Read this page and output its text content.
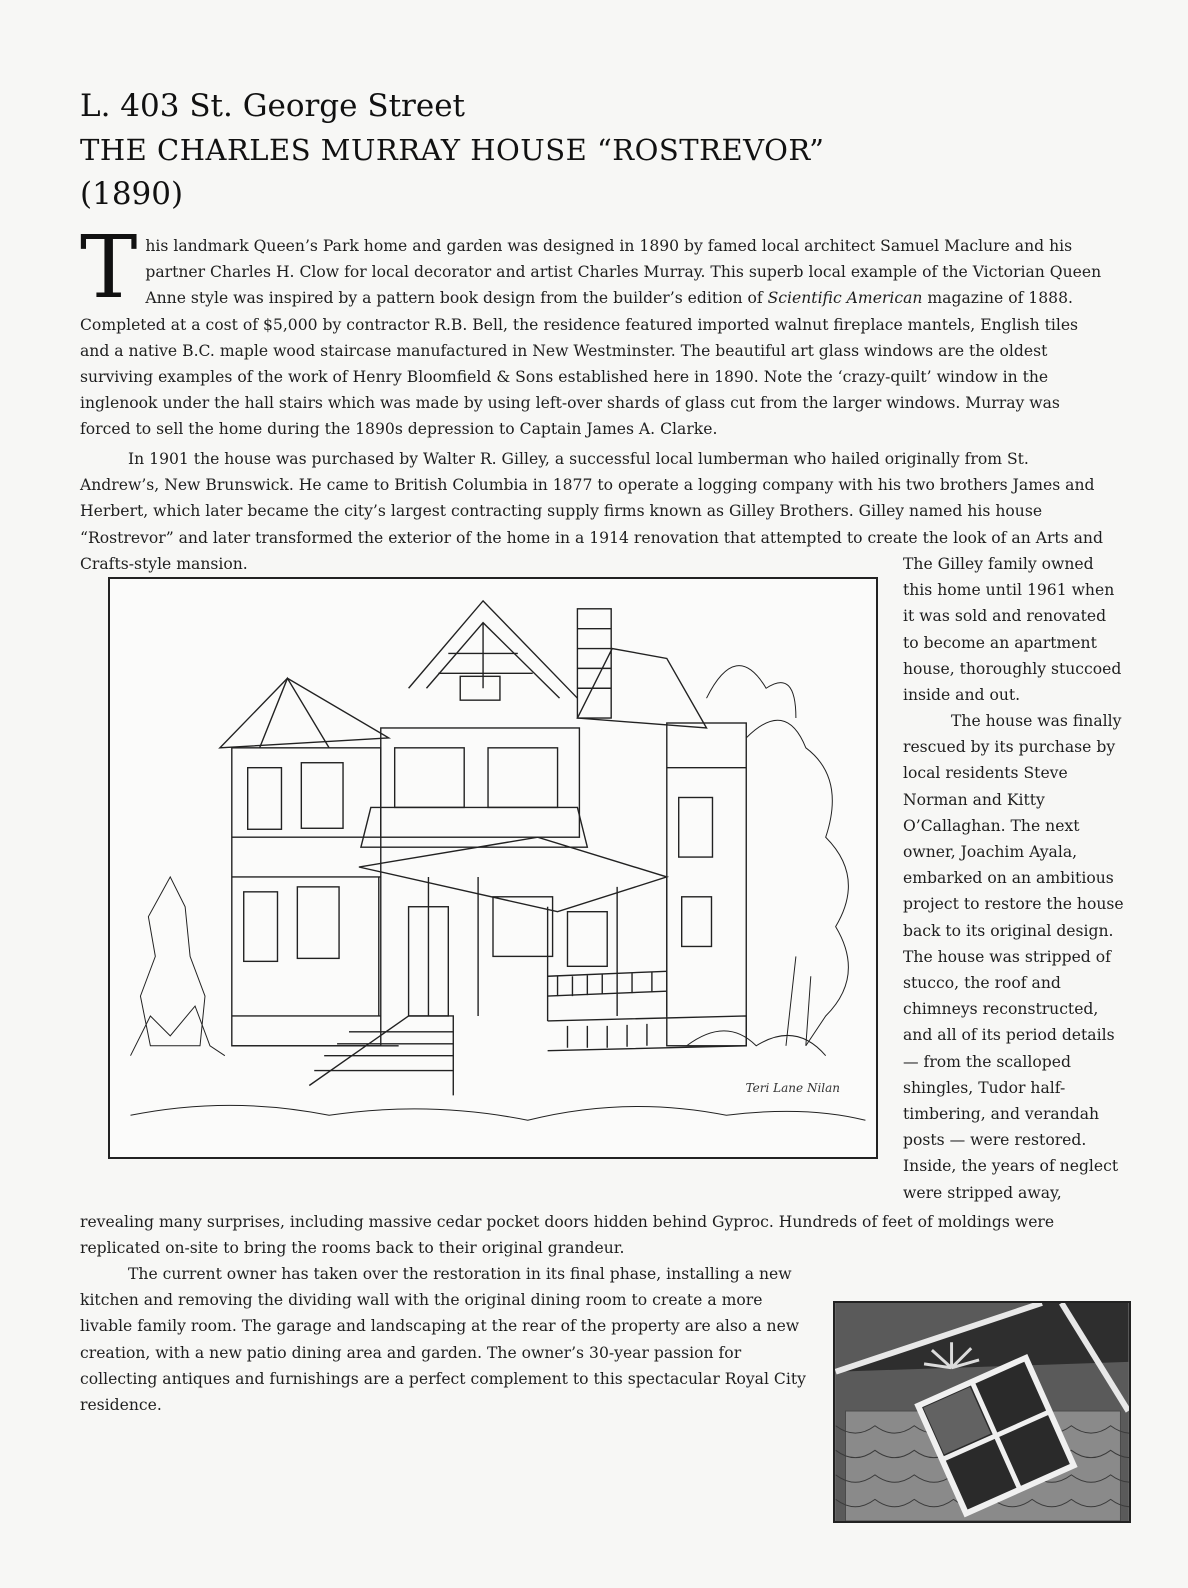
L. 403 St. George Street
THE CHARLES MURRAY HOUSE “ROSTREVOR”
(1890)

This landmark Queen’s Park home and garden was designed in 1890 by famed local architect Samuel Maclure and his partner Charles H. Clow for local decorator and artist Charles Murray. This superb local example of the Victorian Queen Anne style was inspired by a pattern book design from the builder’s edition of Scientific American magazine of 1888. Completed at a cost of $5,000 by contractor R.B. Bell, the residence featured imported walnut fireplace mantels, English tiles and a native B.C. maple wood staircase manufactured in New Westminster. The beautiful art glass windows are the oldest surviving examples of the work of Henry Bloomfield & Sons established here in 1890. Note the ‘crazy-quilt’ window in the inglenook under the hall stairs which was made by using left-over shards of glass cut from the larger windows. Murray was forced to sell the home during the 1890s depression to Captain James A. Clarke.

In 1901 the house was purchased by Walter R. Gilley, a successful local lumberman who hailed originally from St. Andrew’s, New Brunswick. He came to British Columbia in 1877 to operate a logging company with his two brothers James and Herbert, which later became the city’s largest contracting supply firms known as Gilley Brothers. Gilley named his house “Rostrevor” and later transformed the exterior of the home in a 1914 renovation that attempted to create the look of an Arts and Crafts-style mansion.	The Gilley family owned this home until 1961 when it was sold and renovated to become an apartment house, thoroughly stuccoed inside and out.

The house was finally rescued by its purchase by local residents Steve Norman and Kitty O’Callaghan. The next owner, Joachim Ayala, embarked on an ambitious project to restore the house back to its original design. The house was stripped of stucco, the roof and chimneys reconstructed, and all of its period details — from the scalloped shingles, Tudor half-timbering, and verandah posts — were restored. Inside, the years of neglect were stripped away,

revealing many surprises, including massive cedar pocket doors hidden behind Gyproc. Hundreds of feet of moldings were replicated on-site to bring the rooms back to their original grandeur.

The current owner has taken over the restoration in its final phase, installing a new kitchen and removing the dividing wall with the original dining room to create a more livable family room. The garage and landscaping at the rear of the property are also a new creation, with a new patio dining area and garden. The owner’s 30-year passion for collecting antiques and furnishings are a perfect complement to this spectacular Royal City residence.

Teri Lane Nilan
